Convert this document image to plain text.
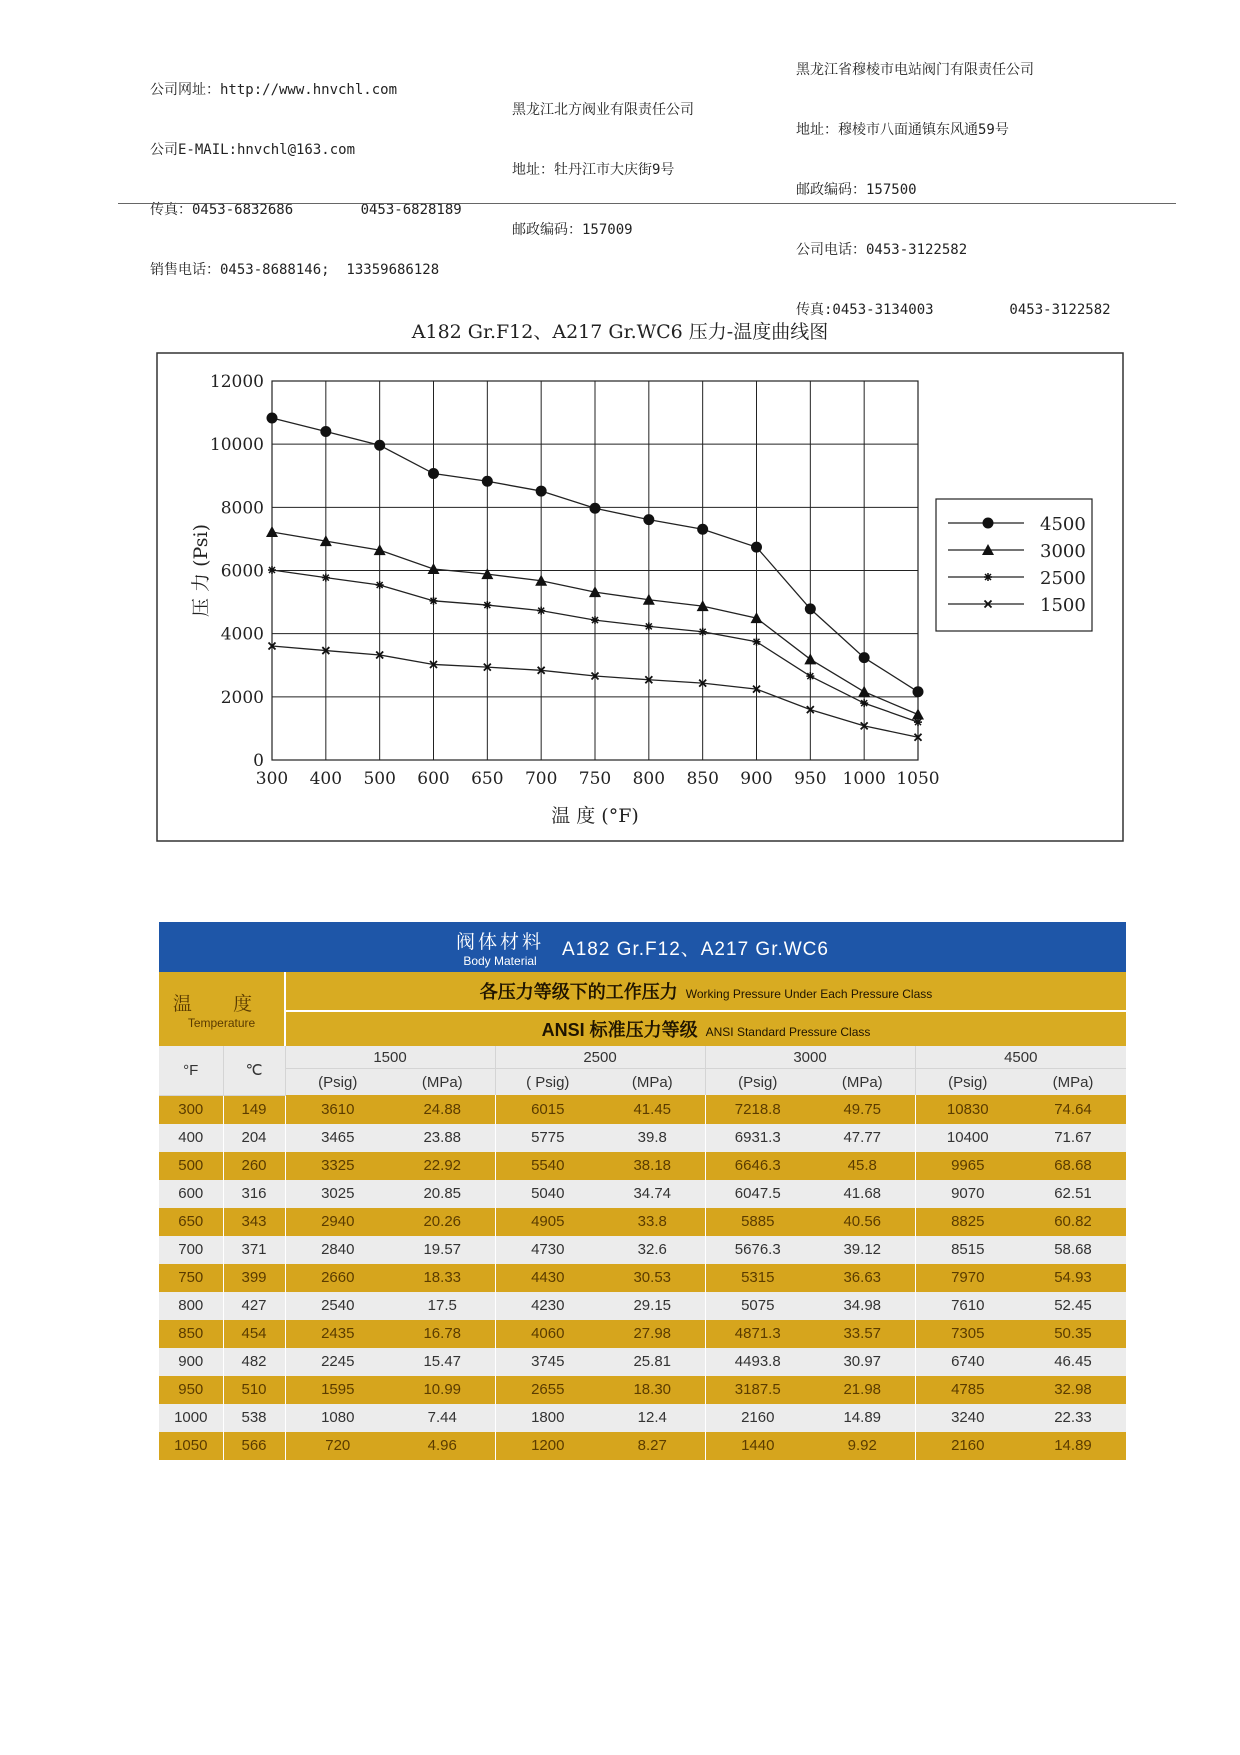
公司网址：http://www.hnvchl.com

公司E-MAIL:hnvchl@163.com

传真：0453-6832686        0453-6828189

销售电话：0453-8688146;  13359686128

黑龙江北方阀业有限责任公司

地址：牡丹江市大庆街9号

邮政编码：157009

黑龙江省穆棱市电站阀门有限责任公司

地址：穆棱市八面通镇东风通59号

邮政编码：157500

公司电话：0453-3122582

传真:0453-3134003         0453-3122582

A182 Gr.F12、A217 Gr.WC6 压力-温度曲线图
0
2000
4000
6000
8000
10000
12000
300 400 500 600 650 700 750 800 850 900 950 1000 1050
温 度 (°F)
压 力 (Psi)	4500
3000
2500
1500
阀体材料
Body Material
A182 Gr.F12、A217 Gr.WC6									

温 度
Temperature		各压力等级下的工作压力 Working Pressure Under Each Pressure Class							
		ANSI 标准压力等级 ANSI Standard Pressure Class							
°F	℃	1500		2500		3000		4500	
		(Psig)	(MPa)	( Psig)	(MPa)	(Psig)	(MPa)	(Psig)	(MPa)
300	149	3610	24.88	6015	41.45	7218.8	49.75	10830	74.64
400	204	3465	23.88	5775	39.8	6931.3	47.77	10400	71.67
500	260	3325	22.92	5540	38.18	6646.3	45.8	9965	68.68
600	316	3025	20.85	5040	34.74	6047.5	41.68	9070	62.51
650	343	2940	20.26	4905	33.8	5885	40.56	8825	60.82
700	371	2840	19.57	4730	32.6	5676.3	39.12	8515	58.68
750	399	2660	18.33	4430	30.53	5315	36.63	7970	54.93
800	427	2540	17.5	4230	29.15	5075	34.98	7610	52.45
850	454	2435	16.78	4060	27.98	4871.3	33.57	7305	50.35
900	482	2245	15.47	3745	25.81	4493.8	30.97	6740	46.45
950	510	1595	10.99	2655	18.30	3187.5	21.98	4785	32.98
1000	538	1080	7.44	1800	12.4	2160	14.89	3240	22.33
1050	566	720	4.96	1200	8.27	1440	9.92	2160	14.89
